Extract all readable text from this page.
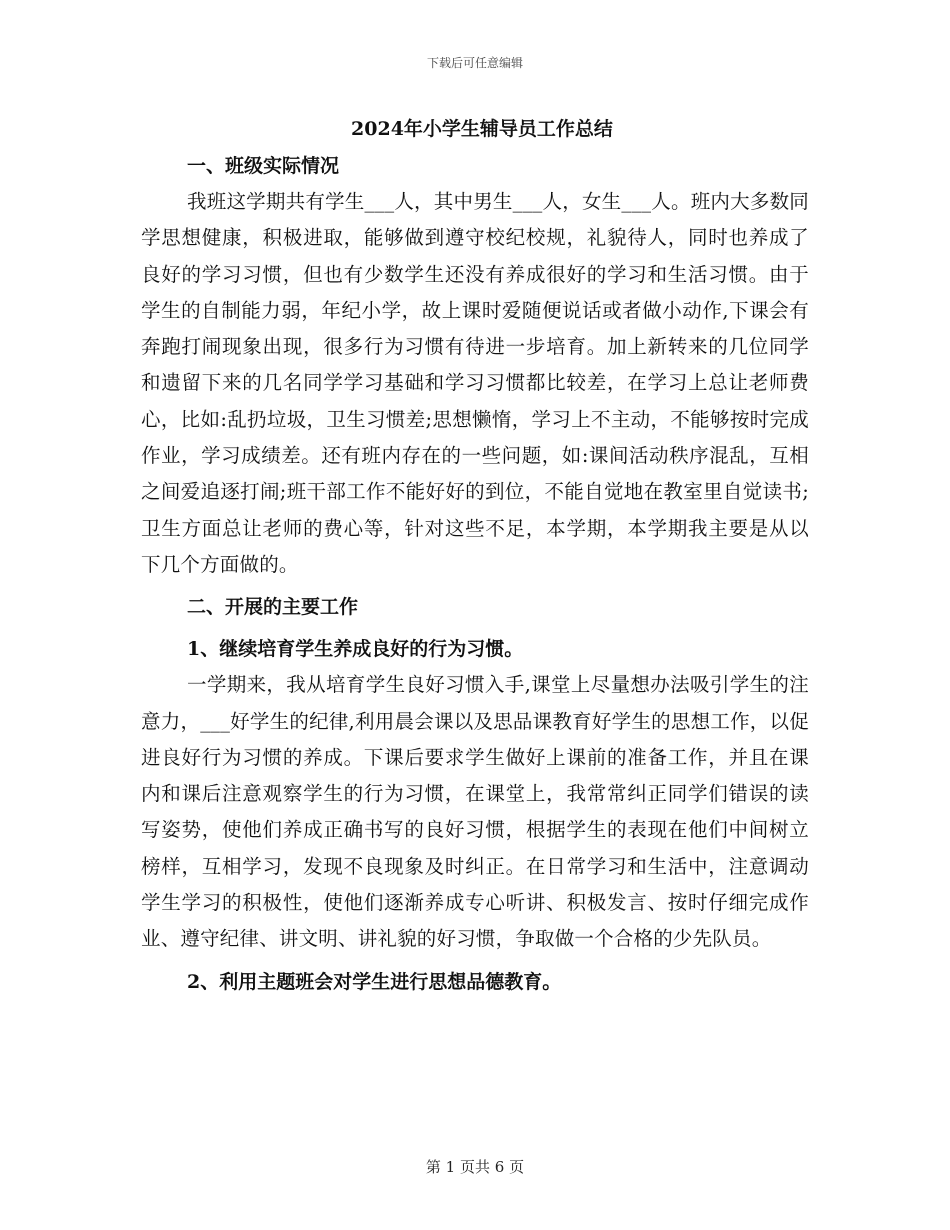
下载后可任意编辑
2024年小学生辅导员工作总结
一、班级实际情况

我班这学期共有学生___人，其中男生___人，女生___人。班内大多数同学思想健康，积极进取，能够做到遵守校纪校规，礼貌待人，同时也养成了良好的学习习惯，但也有少数学生还没有养成很好的学习和生活习惯。由于学生的自制能力弱，年纪小学，故上课时爱随便说话或者做小动作,下课会有奔跑打闹现象出现，很多行为习惯有待进一步培育。加上新转来的几位同学和遗留下来的几名同学学习基础和学习习惯都比较差，在学习上总让老师费心，比如:乱扔垃圾，卫生习惯差;思想懒惰，学习上不主动，不能够按时完成作业，学习成绩差。还有班内存在的一些问题，如:课间活动秩序混乱，互相之间爱追逐打闹;班干部工作不能好好的到位，不能自觉地在教室里自觉读书;卫生方面总让老师的费心等，针对这些不足，本学期，本学期我主要是从以下几个方面做的。

二、开展的主要工作
1、继续培育学生养成良好的行为习惯。

一学期来，我从培育学生良好习惯入手,课堂上尽量想办法吸引学生的注意力，___好学生的纪律,利用晨会课以及思品课教育好学生的思想工作，以促进良好行为习惯的养成。下课后要求学生做好上课前的准备工作，并且在课内和课后注意观察学生的行为习惯，在课堂上，我常常纠正同学们错误的读写姿势，使他们养成正确书写的良好习惯，根据学生的表现在他们中间树立榜样，互相学习，发现不良现象及时纠正。在日常学习和生活中，注意调动学生学习的积极性，使他们逐渐养成专心听讲、积极发言、按时仔细完成作业、遵守纪律、讲文明、讲礼貌的好习惯，争取做一个合格的少先队员。

2、利用主题班会对学生进行思想品德教育。
第 1 页共 6 页
